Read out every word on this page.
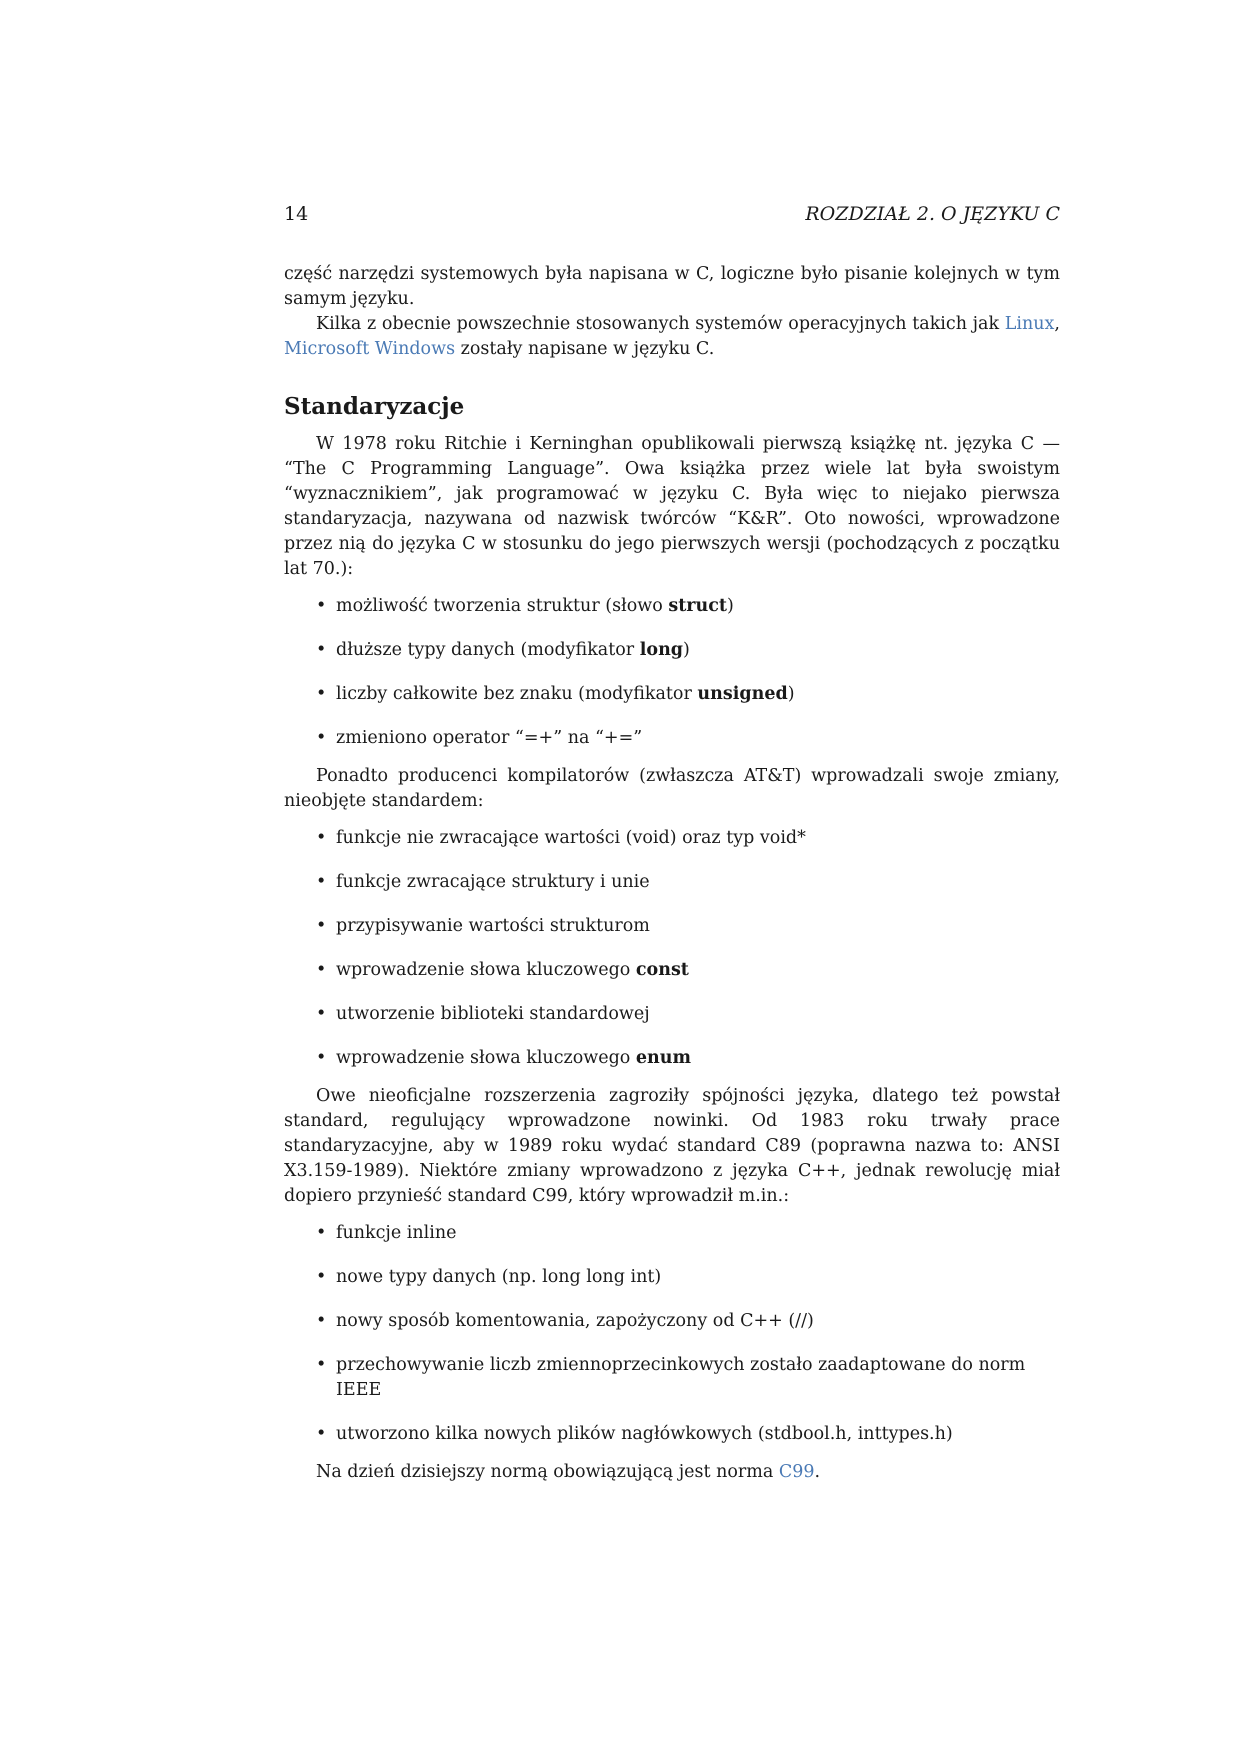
14	ROZDZIAŁ 2. O JĘZYKU C

część narzędzi systemowych była napisana w C, logiczne było pisanie kolejnych w tym samym języku.

Kilka z obecnie powszechnie stosowanych systemów operacyjnych takich jak Linux, Microsoft Windows zostały napisane w języku C.

Standaryzacje

W 1978 roku Ritchie i Kerninghan opublikowali pierwszą książkę nt. języka C — “The C Programming Language”. Owa książka przez wiele lat była swoistym “wyznacznikiem”, jak programować w języku C. Była więc to niejako pierwsza standaryzacja, nazywana od nazwisk twórców “K&R”. Oto nowości, wprowadzone przez nią do języka C w stosunku do jego pierwszych wersji (pochodzących z początku lat 70.):

• możliwość tworzenia struktur (słowo struct)
• dłuższe typy danych (modyfikator long)
• liczby całkowite bez znaku (modyfikator unsigned)
• zmieniono operator “=+” na “+=”

Ponadto producenci kompilatorów (zwłaszcza AT&T) wprowadzali swoje zmiany, nieobjęte standardem:

• funkcje nie zwracające wartości (void) oraz typ void*
• funkcje zwracające struktury i unie
• przypisywanie wartości strukturom
• wprowadzenie słowa kluczowego const
• utworzenie biblioteki standardowej
• wprowadzenie słowa kluczowego enum

Owe nieoficjalne rozszerzenia zagroziły spójności języka, dlatego też powstał standard, regulujący wprowadzone nowinki. Od 1983 roku trwały prace standaryzacyjne, aby w 1989 roku wydać standard C89 (poprawna nazwa to: ANSI X3.159-1989). Niektóre zmiany wprowadzono z języka C++, jednak rewolucję miał dopiero przynieść standard C99, który wprowadził m.in.:

• funkcje inline
• nowe typy danych (np. long long int)
• nowy sposób komentowania, zapożyczony od C++ (//)
• przechowywanie liczb zmiennoprzecinkowych zostało zaadaptowane do norm IEEE
• utworzono kilka nowych plików nagłówkowych (stdbool.h, inttypes.h)

Na dzień dzisiejszy normą obowiązującą jest norma C99.
